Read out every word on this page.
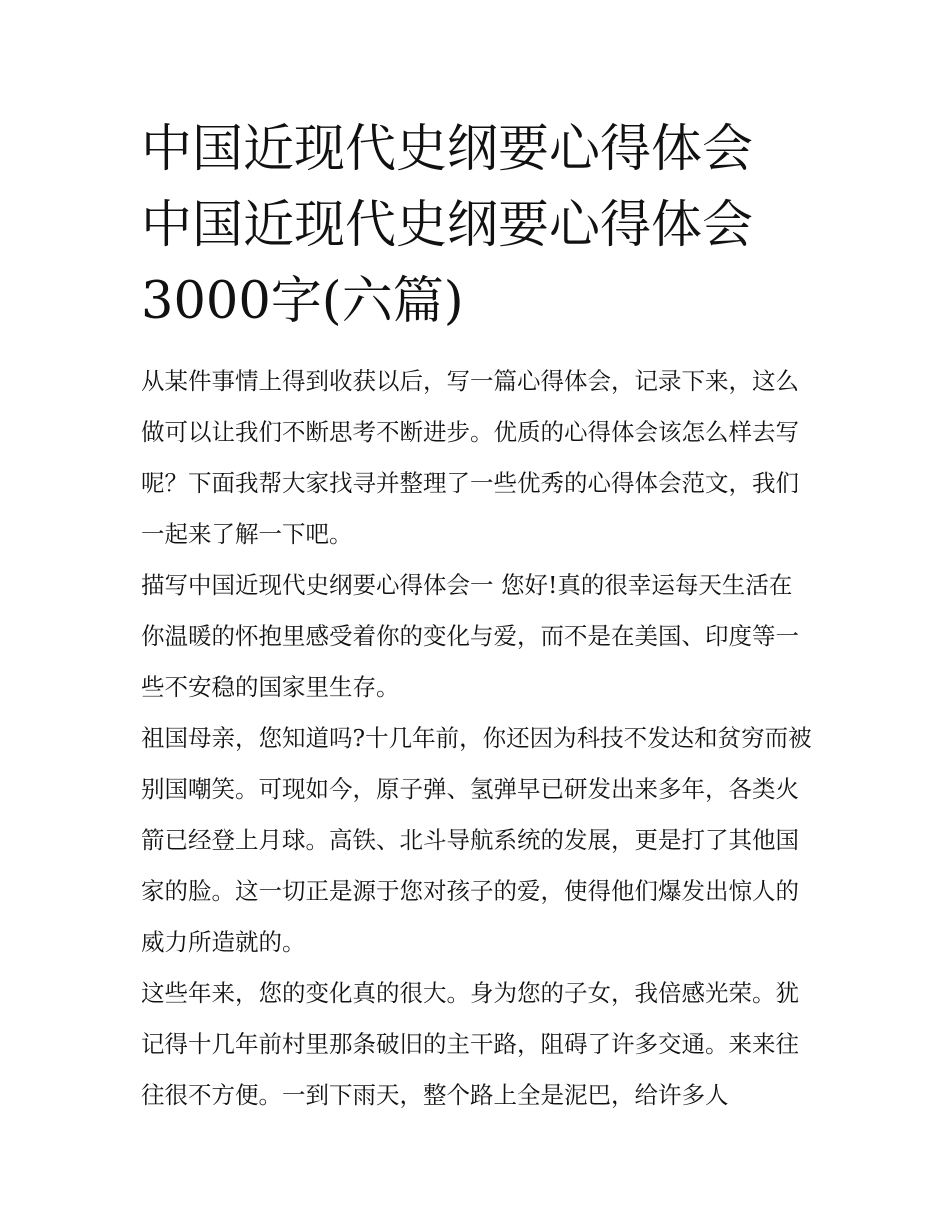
中国近现代史纲要心得体会 中国近现代史纲要心得体会3000字(六篇)

从某件事情上得到收获以后，写一篇心得体会，记录下来，这么做可以让我们不断思考不断进步。优质的心得体会该怎么样去写呢？下面我帮大家找寻并整理了一些优秀的心得体会范文，我们一起来了解一下吧。

描写中国近现代史纲要心得体会一 您好!真的很幸运每天生活在你温暖的怀抱里感受着你的变化与爱，而不是在美国、印度等一些不安稳的国家里生存。

祖国母亲，您知道吗?十几年前，你还因为科技不发达和贫穷而被别国嘲笑。可现如今，原子弹、氢弹早已研发出来多年，各类火箭已经登上月球。高铁、北斗导航系统的发展，更是打了其他国家的脸。这一切正是源于您对孩子的爱，使得他们爆发出惊人的威力所造就的。

这些年来，您的变化真的很大。身为您的子女，我倍感光荣。犹记得十几年前村里那条破旧的主干路，阻碍了许多交通。来来往往很不方便。一到下雨天，整个路上全是泥巴，给许多人
